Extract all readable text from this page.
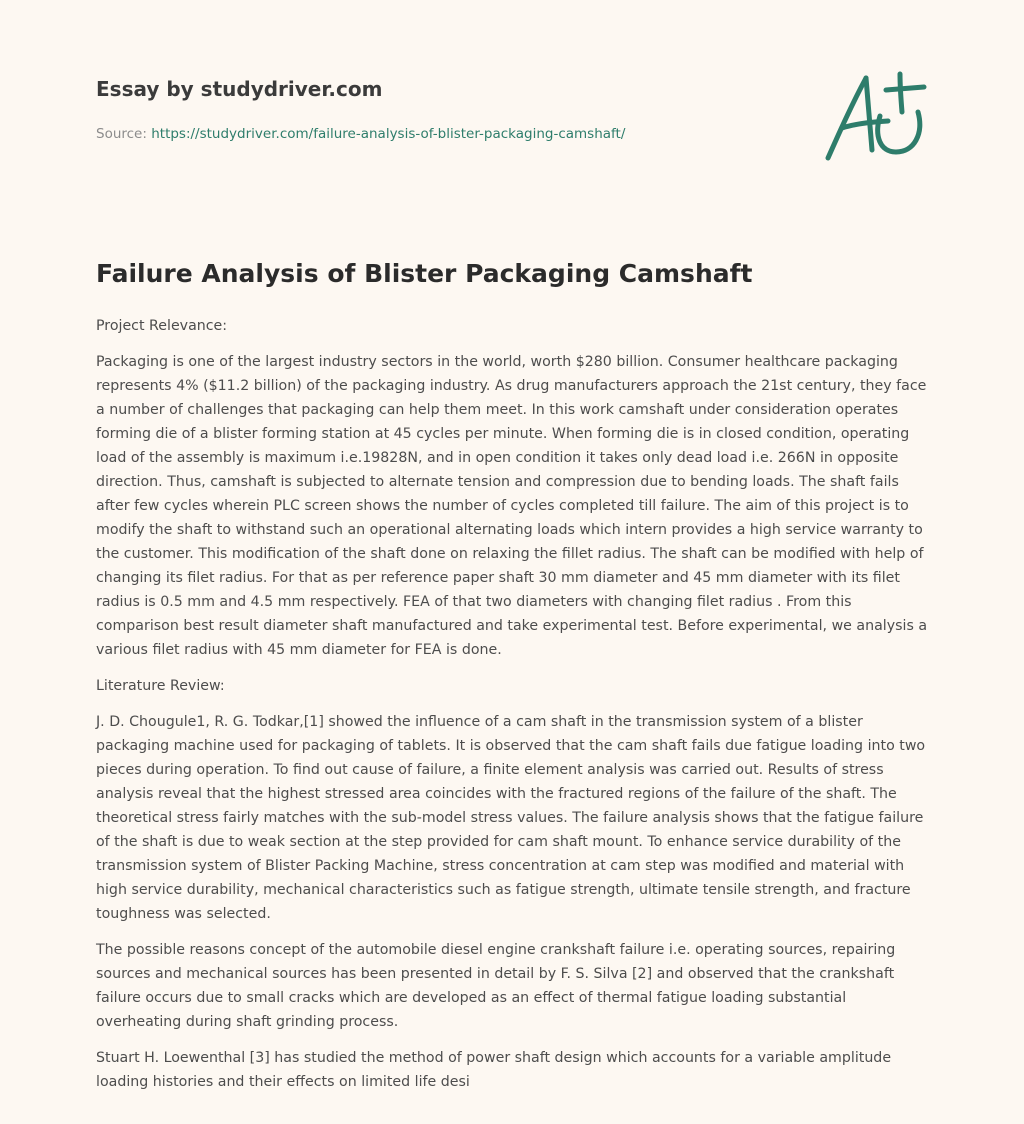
Essay by studydriver.com
Source: https://studydriver.com/failure-analysis-of-blister-packaging-camshaft/
Failure Analysis of Blister Packaging Camshaft

Project Relevance:

Packaging is one of the largest industry sectors in the world, worth $280 billion. Consumer healthcare packaging represents 4% ($11.2 billion) of the packaging industry. As drug manufacturers approach the 21st century, they face a number of challenges that packaging can help them meet. In this work camshaft under consideration operates forming die of a blister forming station at 45 cycles per minute. When forming die is in closed condition, operating load of the assembly is maximum i.e.19828N, and in open condition it takes only dead load i.e. 266N in opposite direction. Thus, camshaft is subjected to alternate tension and compression due to bending loads. The shaft fails after few cycles wherein PLC screen shows the number of cycles completed till failure. The aim of this project is to modify the shaft to withstand such an operational alternating loads which intern provides a high service warranty to the customer. This modification of the shaft done on relaxing the fillet radius. The shaft can be modified with help of changing its filet radius. For that as per reference paper shaft 30 mm diameter and 45 mm diameter with its filet radius is 0.5 mm and 4.5 mm respectively. FEA of that two diameters with changing filet radius . From this comparison best result diameter shaft manufactured and take experimental test. Before experimental, we analysis a various filet radius with 45 mm diameter for FEA is done.

Literature Review:

J. D. Chougule1, R. G. Todkar,[1] showed the influence of a cam shaft in the transmission system of a blister packaging machine used for packaging of tablets. It is observed that the cam shaft fails due fatigue loading into two pieces during operation. To find out cause of failure, a finite element analysis was carried out. Results of stress analysis reveal that the highest stressed area coincides with the fractured regions of the failure of the shaft. The theoretical stress fairly matches with the sub-model stress values. The failure analysis shows that the fatigue failure of the shaft is due to weak section at the step provided for cam shaft mount. To enhance service durability of the transmission system of Blister Packing Machine, stress concentration at cam step was modified and material with high service durability, mechanical characteristics such as fatigue strength, ultimate tensile strength, and fracture toughness was selected.

The possible reasons concept of the automobile diesel engine crankshaft failure i.e. operating sources, repairing sources and mechanical sources has been presented in detail by F. S. Silva [2] and observed that the crankshaft failure occurs due to small cracks which are developed as an effect of thermal fatigue loading substantial overheating during shaft grinding process.

Stuart H. Loewenthal [3] has studied the method of power shaft design which accounts for a variable amplitude loading histories and their effects on limited life desi
